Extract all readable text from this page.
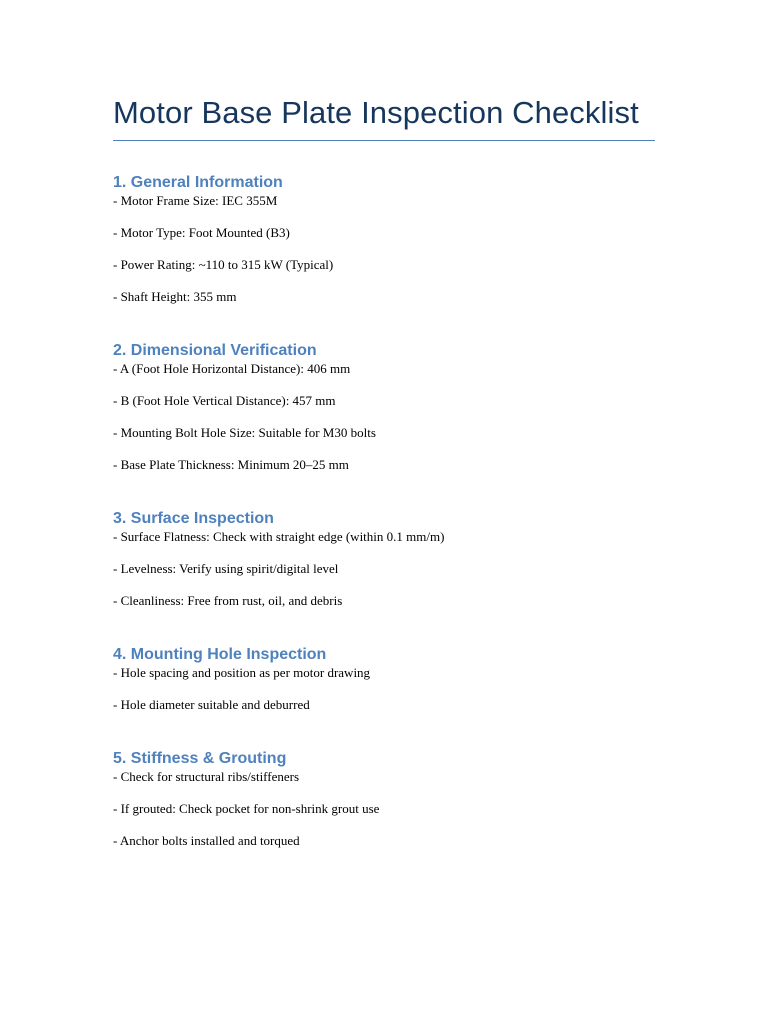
Motor Base Plate Inspection Checklist
1. General Information
- Motor Frame Size: IEC 355M
- Motor Type: Foot Mounted (B3)
- Power Rating: ~110 to 315 kW (Typical)
- Shaft Height: 355 mm
2. Dimensional Verification
- A (Foot Hole Horizontal Distance): 406 mm
- B (Foot Hole Vertical Distance): 457 mm
- Mounting Bolt Hole Size: Suitable for M30 bolts
- Base Plate Thickness: Minimum 20–25 mm
3. Surface Inspection
- Surface Flatness: Check with straight edge (within 0.1 mm/m)
- Levelness: Verify using spirit/digital level
- Cleanliness: Free from rust, oil, and debris
4. Mounting Hole Inspection
- Hole spacing and position as per motor drawing
- Hole diameter suitable and deburred
5. Stiffness & Grouting
- Check for structural ribs/stiffeners
- If grouted: Check pocket for non-shrink grout use
- Anchor bolts installed and torqued
